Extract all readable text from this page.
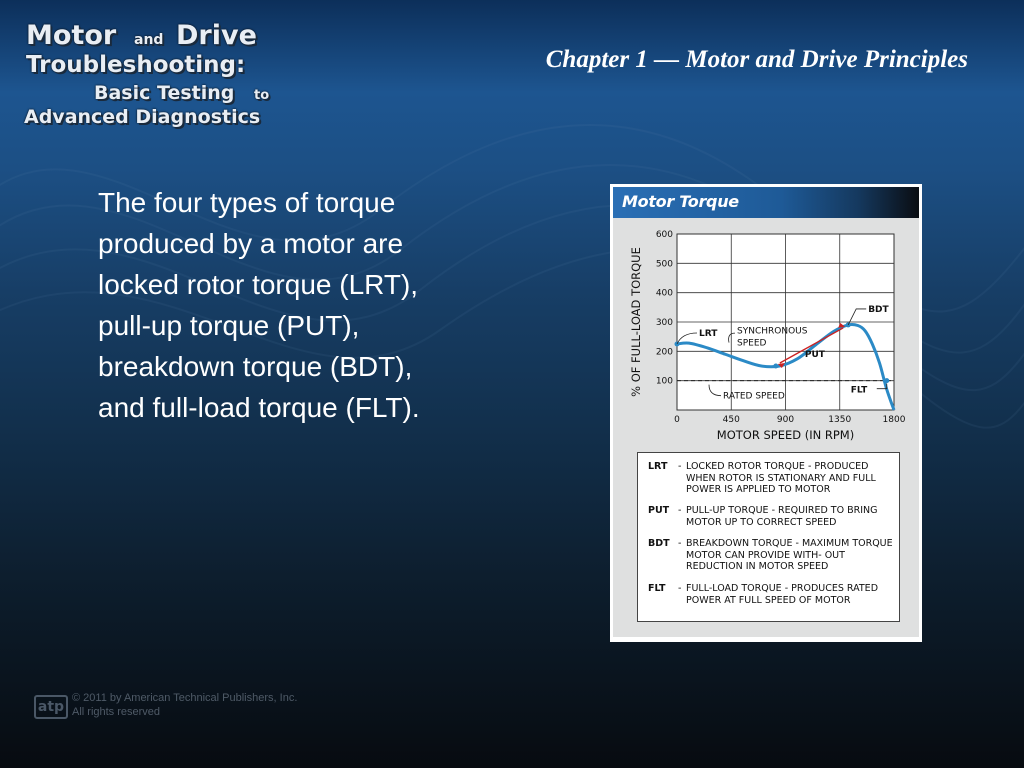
Motor and Drive
Troubleshooting:
Basic Testing to
Advanced Diagnostics
Chapter 1 — Motor and Drive Principles

The four types of torque
produced by a motor are
locked rotor torque (LRT),
pull-up torque (PUT),
breakdown torque (BDT),
and full-load torque (FLT).

Motor Torque
0	450	900	1350	1800
100
200
300
400
500
600
MOTOR SPEED (IN RPM)
% OF FULL-LOAD TORQUE	RATED SPEED
LRT SYNCHRONOUS
SPEED
PUT
BDT
FLT
LRT - LOCKED ROTOR TORQUE - PRODUCED WHEN ROTOR IS STATIONARY AND FULL POWER IS APPLIED TO MOTOR
PUT - PULL-UP TORQUE - REQUIRED TO BRING MOTOR UP TO CORRECT SPEED
BDT - BREAKDOWN TORQUE - MAXIMUM TORQUE MOTOR CAN PROVIDE WITH- OUT REDUCTION IN MOTOR SPEED
FLT - FULL-LOAD TORQUE - PRODUCES RATED POWER AT FULL SPEED OF MOTOR
atp
© 2011 by American Technical Publishers, Inc.
All rights reserved
